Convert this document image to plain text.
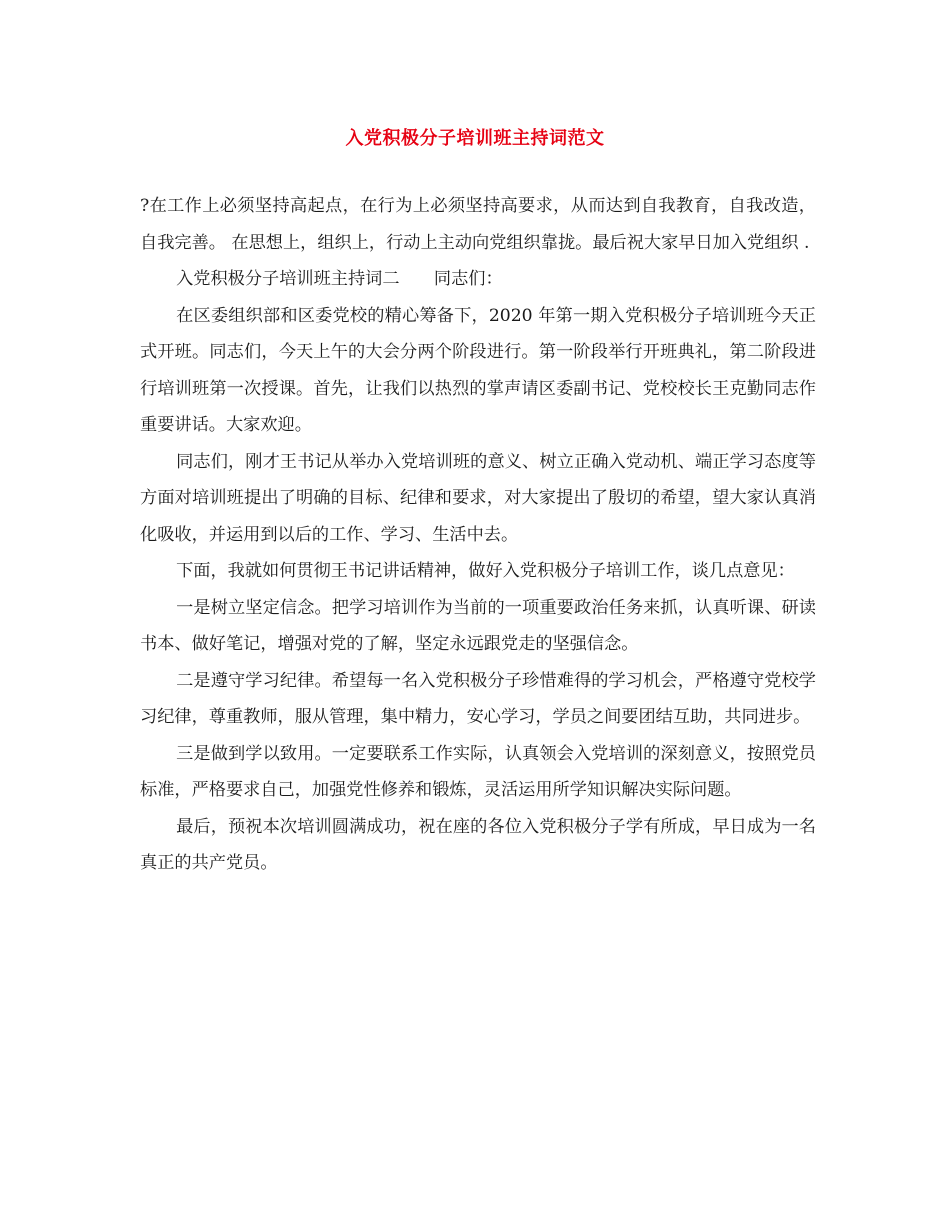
入党积极分子培训班主持词范文

?在工作上必须坚持高起点，在行为上必须坚持高要求，从而达到自我教育，自我改造，自我完善。 在思想上，组织上，行动上主动向党组织靠拢。最后祝大家早日加入党组织 .

入党积极分子培训班主持词二　　同志们：

在区委组织部和区委党校的精心筹备下，2020 年第一期入党积极分子培训班今天正式开班。同志们，今天上午的大会分两个阶段进行。第一阶段举行开班典礼，第二阶段进行培训班第一次授课。首先，让我们以热烈的掌声请区委副书记、党校校长王克勤同志作重要讲话。大家欢迎。

同志们，刚才王书记从举办入党培训班的意义、树立正确入党动机、端正学习态度等方面对培训班提出了明确的目标、纪律和要求，对大家提出了殷切的希望，望大家认真消化吸收，并运用到以后的工作、学习、生活中去。

下面，我就如何贯彻王书记讲话精神，做好入党积极分子培训工作，谈几点意见：

一是树立坚定信念。把学习培训作为当前的一项重要政治任务来抓，认真听课、研读书本、做好笔记，增强对党的了解，坚定永远跟党走的坚强信念。

二是遵守学习纪律。希望每一名入党积极分子珍惜难得的学习机会，严格遵守党校学习纪律，尊重教师，服从管理，集中精力，安心学习，学员之间要团结互助，共同进步。

三是做到学以致用。一定要联系工作实际，认真领会入党培训的深刻意义，按照党员标准，严格要求自己，加强党性修养和锻炼，灵活运用所学知识解决实际问题。

最后，预祝本次培训圆满成功，祝在座的各位入党积极分子学有所成，早日成为一名真正的共产党员。
